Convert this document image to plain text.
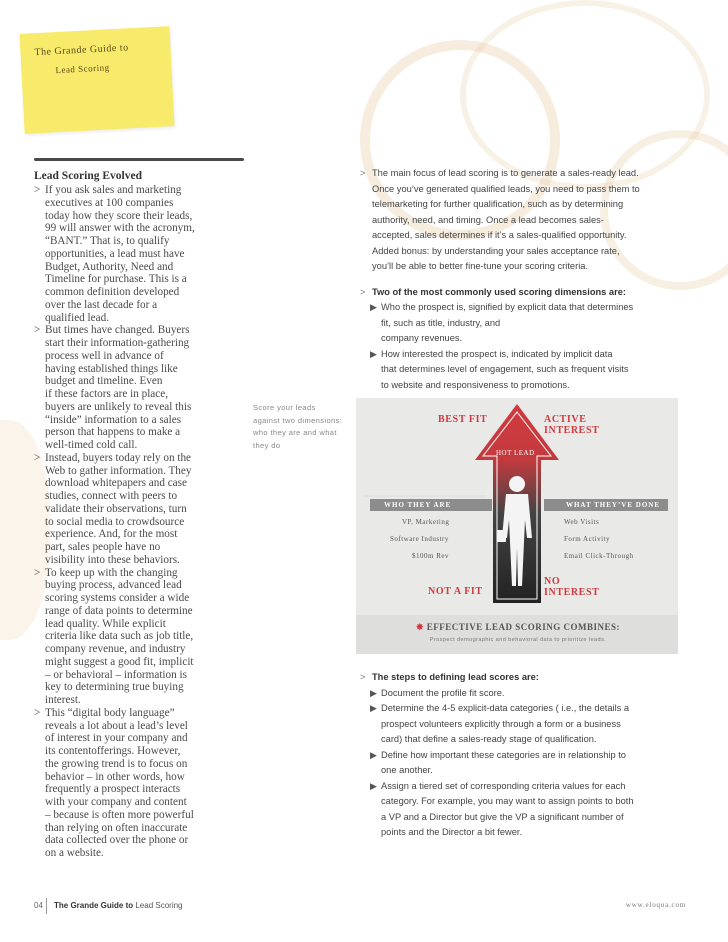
The Grande Guide to
Lead Scoring
Lead Scoring Evolved
> If you ask sales and marketing
executives at 100 companies
today how they score their leads,
99 will answer with the acronym,
“BANT.” That is, to qualify
opportunities, a lead must have
Budget, Authority, Need and
Timeline for purchase. This is a
common definition developed
over the last decade for a
qualified lead.
> But times have changed. Buyers
start their information-gathering
process well in advance of
having established things like
budget and timeline. Even
if these factors are in place,
buyers are unlikely to reveal this
“inside” information to a sales
person that happens to make a
well-timed cold call.
> Instead, buyers today rely on the
Web to gather information. They
download whitepapers and case
studies, connect with peers to
validate their observations, turn
to social media to crowdsource
experience. And, for the most
part, sales people have no
visibility into these behaviors.
> To keep up with the changing
buying process, advanced lead
scoring systems consider a wide
range of data points to determine
lead quality. While explicit
criteria like data such as job title,
company revenue, and industry
might suggest a good fit, implicit
– or behavioral – information is
key to determining true buying
interest.
> This “digital body language”
reveals a lot about a lead’s level
of interest in your company and
its contentofferings. However,
the growing trend is to focus on
behavior – in other words, how
frequently a prospect interacts
with your company and content
– because is often more powerful
than relying on often inaccurate
data collected over the phone or
on a website.
> The main focus of lead scoring is to generate a sales-ready lead.
Once you’ve generated qualified leads, you need to pass them to
telemarketing for further qualification, such as by determining
authority, need, and timing. Once a lead becomes sales-
accepted, sales determines if it’s a sales-qualified opportunity.
Added bonus: by understanding your sales acceptance rate,
you’ll be able to better fine-tune your scoring criteria.
> Two of the most commonly used scoring dimensions are:
▶ Who the prospect is, signified by explicit data that determines
fit, such as title, industry, and
company revenues.
▶ How interested the prospect is, indicated by implicit data
that determines level of engagement, such as frequent visits
to website and responsiveness to promotions.
> The steps to defining lead scores are:
▶ Document the profile fit score.
▶ Determine the 4-5 explicit-data categories ( i.e., the details a
prospect volunteers explicitly through a form or a business
card) that define a sales-ready stage of qualification.
▶ Define how important these categories are in relationship to
one another.
▶ Assign a tiered set of corresponding criteria values for each
category. For example, you may want to assign points to both
a VP and a Director but give the VP a significant number of
points and the Director a bit fewer.
Score your leads
against two dimensions:
who they are and what
they do
BEST FIT	ACTIVE
INTEREST
HOT LEAD
WHO THEY ARE	WHAT THEY’VE DONE
VP, Marketing
Software Industry
$100m Rev
Web Visits
Form Activity
Email Click-Through
NOT A FIT
NO
INTEREST
✸ EFFECTIVE LEAD SCORING COMBINES:
Prospect demographic and behavioral data to prioritize leads.
04 The Grande Guide to Lead Scoring	www.eloqua.com
